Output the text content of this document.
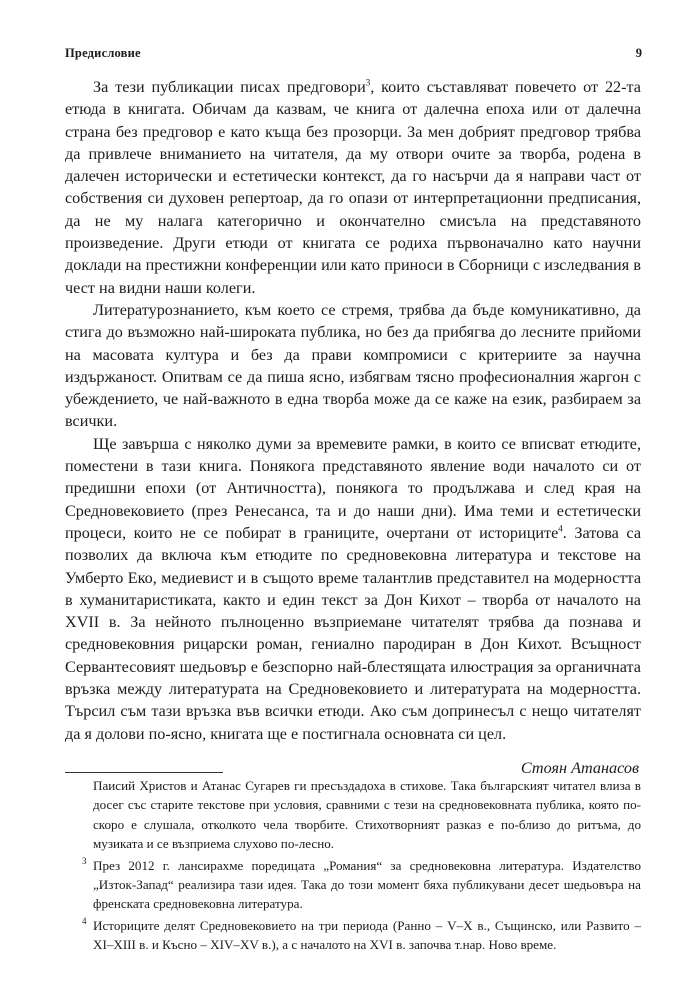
Предисловие	9

За тези публикации писах предговори$^3$, които съставляват повечето от 22-та етюда в книгата. Обичам да казвам, че книга от далечна епоха или от далечна страна без предговор е като къща без прозорци. За мен добрият предговор трябва да привлече вниманието на читателя, да му отвори очите за творба, родена в далечен исторически и естетически контекст, да го насърчи да я направи част от собствения си духовен репертоар, да го опази от интерпретационни предписания, да не му налага категорично и окончателно смисъла на представяното произведение. Други етюди от книгата се родиха първоначално като научни доклади на престижни конференции или като приноси в Сборници с изследвания в чест на видни наши колеги.

Литературознанието, към което се стремя, трябва да бъде комуникативно, да стига до възможно най-широката публика, но без да прибягва до лесните прийоми на масовата култура и без да прави компромиси с критериите за научна издържаност. Опитвам се да пиша ясно, избягвам тясно професионалния жаргон с убеждението, че най-важното в една творба може да се каже на език, разбираем за всички.

Ще завърша с няколко думи за времевите рамки, в които се вписват етюдите, поместени в тази книга. Понякога представяното явление води началото си от предишни епохи (от Античността), понякога то продължава и след края на Средновековието (през Ренесанса, та и до наши дни). Има теми и естетически процеси, които не се побират в границите, очертани от историците$^4$. Затова са позволих да включа към етюдите по средновековна литература и текстове на Умберто Еко, медиевист и в същото време талантлив представител на модерността в хуманитаристиката, както и един текст за Дон Кихот – творба от началото на XVII в. За нейното пълноценно възприемане читателят трябва да познава и средновековния рицарски роман, гениално пародиран в Дон Кихот. Всъщност Сервантесовият шедьовър е безспорно най-блестящата илюстрация за органичната връзка между литературата на Средновековието и литературата на модерността. Търсил съм тази връзка във всички етюди. Ако съм допринесъл с нещо читателят да я долови по-ясно, книгата ще е постигнала основната си цел.

Стоян Атанасов
Паисий Христов и Атанас Сугарев ги пресъздадоха в стихове. Така българският читател влиза в досег със старите текстове при условия, сравними с тези на средновековната публика, която по-скоро е слушала, отколкото чела творбите. Стихотворният разказ е по-близо до ритъма, до музиката и се възприема слухово по-лесно.
3 През 2012 г. лансирахме поредицата „Романия“ за средновековна литература. Издателство „Изток-Запад“ реализира тази идея. Така до този момент бяха публикувани десет шедьовъра на френската средновековна литература.
4 Историците делят Средновековието на три периода (Ранно – V–X в., Същинско, или Развито – XI–XIII в. и Късно – XIV–XV в.), а с началото на XVI в. започва т.нар. Ново време.
